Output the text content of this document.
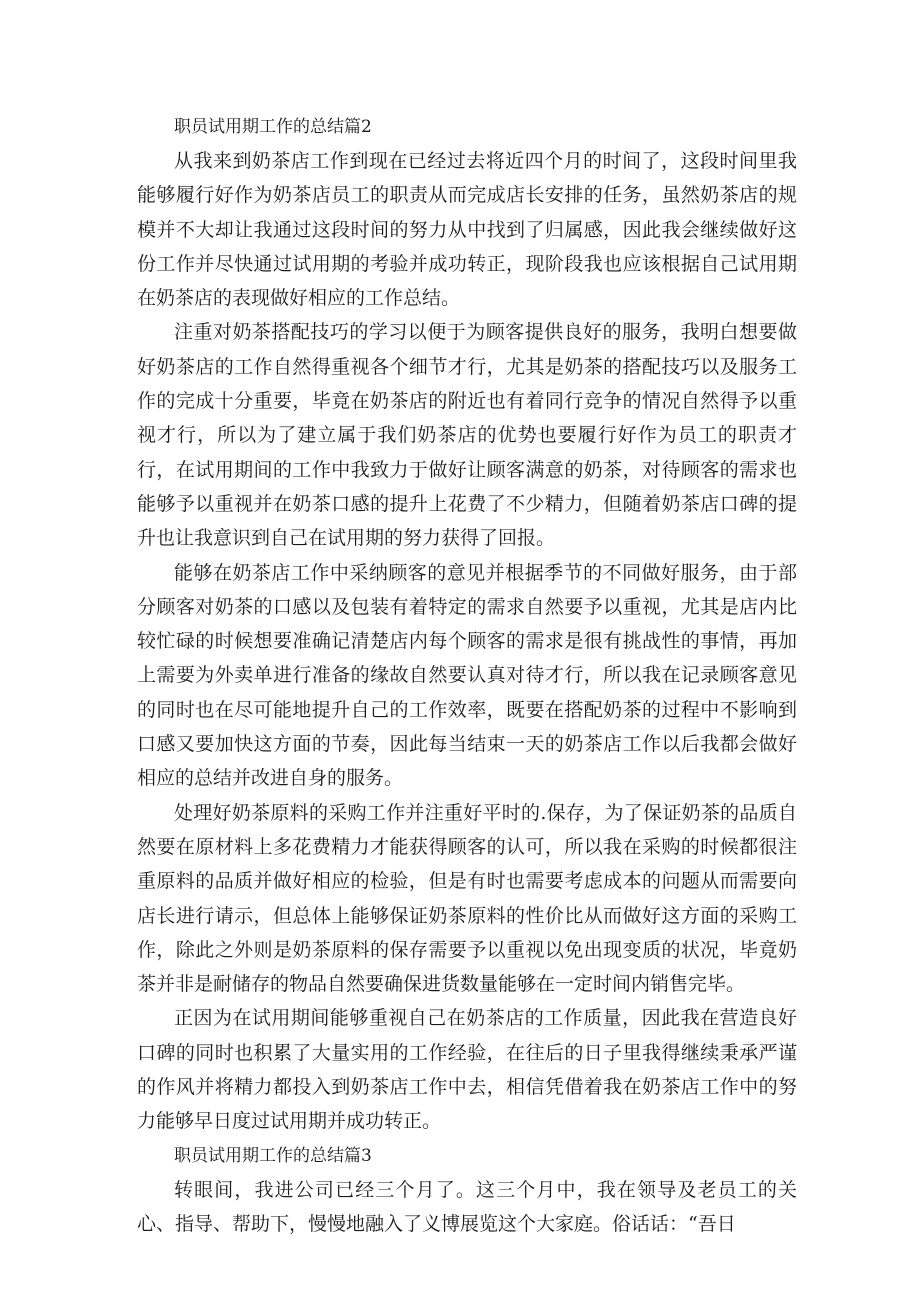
职员试用期工作的总结篇2

从我来到奶茶店工作到现在已经过去将近四个月的时间了，这段时间里我能够履行好作为奶茶店员工的职责从而完成店长安排的任务，虽然奶茶店的规模并不大却让我通过这段时间的努力从中找到了归属感，因此我会继续做好这份工作并尽快通过试用期的考验并成功转正，现阶段我也应该根据自己试用期在奶茶店的表现做好相应的工作总结。

注重对奶茶搭配技巧的学习以便于为顾客提供良好的服务，我明白想要做好奶茶店的工作自然得重视各个细节才行，尤其是奶茶的搭配技巧以及服务工作的完成十分重要，毕竟在奶茶店的附近也有着同行竞争的情况自然得予以重视才行，所以为了建立属于我们奶茶店的优势也要履行好作为员工的职责才行，在试用期间的工作中我致力于做好让顾客满意的奶茶，对待顾客的需求也能够予以重视并在奶茶口感的提升上花费了不少精力，但随着奶茶店口碑的提升也让我意识到自己在试用期的努力获得了回报。

能够在奶茶店工作中采纳顾客的意见并根据季节的不同做好服务，由于部分顾客对奶茶的口感以及包装有着特定的需求自然要予以重视，尤其是店内比较忙碌的时候想要准确记清楚店内每个顾客的需求是很有挑战性的事情，再加上需要为外卖单进行准备的缘故自然要认真对待才行，所以我在记录顾客意见的同时也在尽可能地提升自己的工作效率，既要在搭配奶茶的过程中不影响到口感又要加快这方面的节奏，因此每当结束一天的奶茶店工作以后我都会做好相应的总结并改进自身的服务。

处理好奶茶原料的采购工作并注重好平时的.保存，为了保证奶茶的品质自然要在原材料上多花费精力才能获得顾客的认可，所以我在采购的时候都很注重原料的品质并做好相应的检验，但是有时也需要考虑成本的问题从而需要向店长进行请示，但总体上能够保证奶茶原料的性价比从而做好这方面的采购工作，除此之外则是奶茶原料的保存需要予以重视以免出现变质的状况，毕竟奶茶并非是耐储存的物品自然要确保进货数量能够在一定时间内销售完毕。

正因为在试用期间能够重视自己在奶茶店的工作质量，因此我在营造良好口碑的同时也积累了大量实用的工作经验，在往后的日子里我得继续秉承严谨的作风并将精力都投入到奶茶店工作中去，相信凭借着我在奶茶店工作中的努力能够早日度过试用期并成功转正。

职员试用期工作的总结篇3

转眼间，我进公司已经三个月了。这三个月中，我在领导及老员工的关心、指导、帮助下，慢慢地融入了义博展览这个大家庭。俗话话：“吾日
